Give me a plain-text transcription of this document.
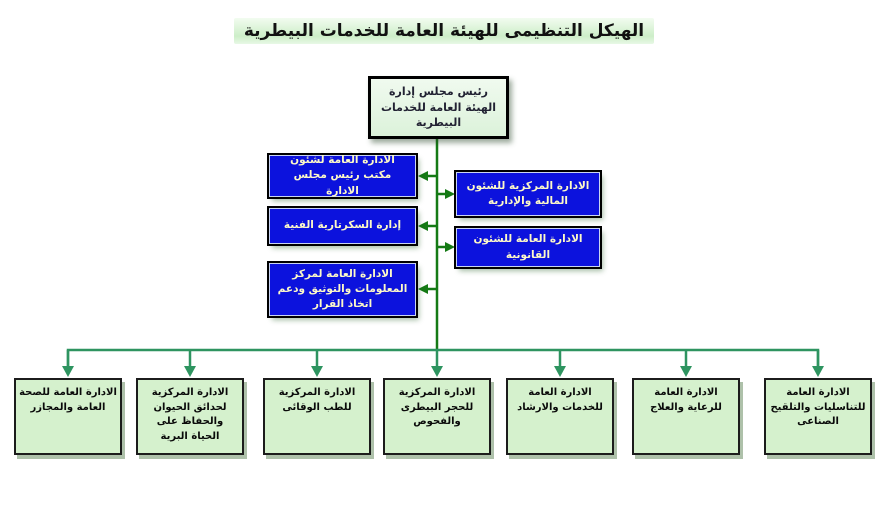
الهيكل التنظيمى للهيئة العامة للخدمات البيطرية
رئيس مجلس إدارة الهيئة العامة للخدمات البيطرية
الادارة العامة لشئون مكتب رئيس مجلس الادارة
إدارة السكرتارية الفنية
الادارة العامة لمركز المعلومات والتوثيق ودعم اتخاذ القرار
الادارة المركزية للشئون المالية والإدارية
الادارة العامة للشئون القانونية
الادارة العامة للصحة العامة والمجازر
الادارة المركزية لحدائق الحيوان والحفاظ على الحياة البرية
الادارة المركزية للطب الوقائى
الادارة المركزية للحجر البيطرى والفحوص
الادارة العامة للخدمات والارشاد
الادارة العامة للرعاية والعلاج
الادارة العامة للتناسليات والتلقيح الصناعى
